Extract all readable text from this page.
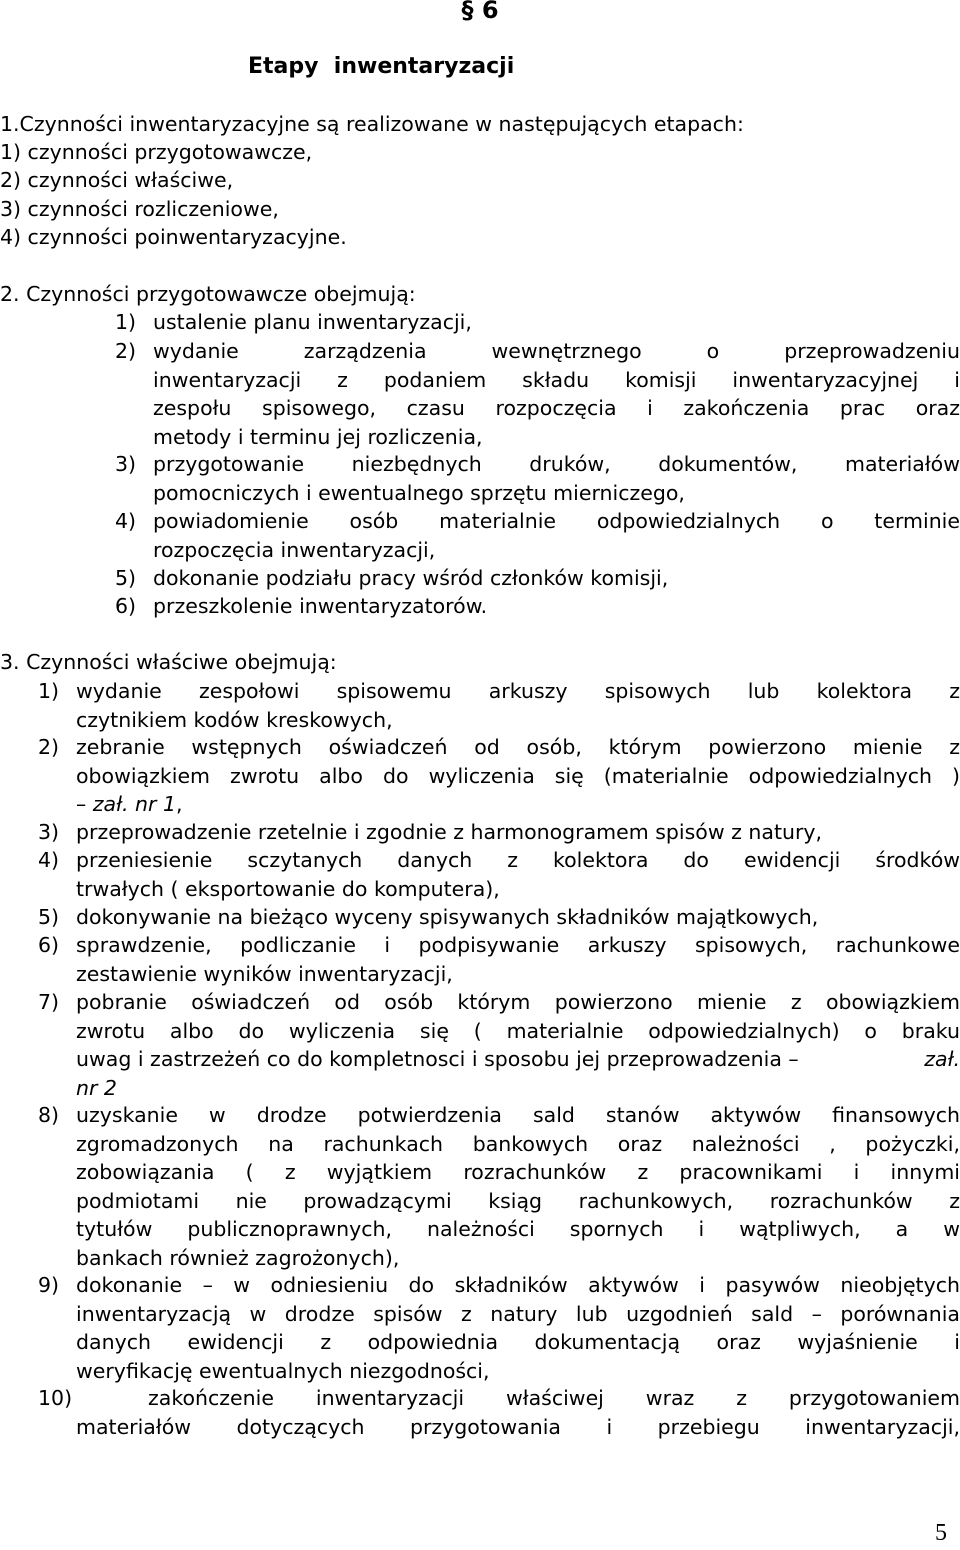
§ 6
Etapy  inwentaryzacji
1.Czynności inwentaryzacyjne są realizowane w następujących etapach:
1) czynności przygotowawcze,
2) czynności właściwe,
3) czynności rozliczeniowe,
4) czynności poinwentaryzacyjne.
2. Czynności przygotowawcze obejmują:
1) ustalenie planu inwentaryzacji,
2) wydanie zarządzenia wewnętrznego o przeprowadzeniu
inwentaryzacji z podaniem składu komisji inwentaryzacyjnej i
zespołu spisowego, czasu rozpoczęcia i zakończenia prac oraz
metody i terminu jej rozliczenia,
3) przygotowanie niezbędnych druków, dokumentów, materiałów
pomocniczych i ewentualnego sprzętu mierniczego,
4) powiadomienie osób materialnie odpowiedzialnych o terminie
rozpoczęcia inwentaryzacji,
5) dokonanie podziału pracy wśród członków komisji,
6) przeszkolenie inwentaryzatorów.
3. Czynności właściwe obejmują:
1) wydanie zespołowi spisowemu arkuszy spisowych lub kolektora z
czytnikiem kodów kreskowych,
2) zebranie wstępnych oświadczeń od osób, którym powierzono mienie z
obowiązkiem zwrotu albo do wyliczenia się (materialnie odpowiedzialnych )
– zał. nr 1,
3) przeprowadzenie rzetelnie i zgodnie z harmonogramem spisów z natury,
4) przeniesienie sczytanych danych z kolektora do ewidencji środków
trwałych ( eksportowanie do komputera),
5) dokonywanie na bieżąco wyceny spisywanych składników majątkowych,
6) sprawdzenie, podliczanie i podpisywanie arkuszy spisowych, rachunkowe
zestawienie wyników inwentaryzacji,
7) pobranie oświadczeń od osób którym powierzono mienie z obowiązkiem
zwrotu albo do wyliczenia się ( materialnie odpowiedzialnych) o braku
uwag i zastrzeżeń co do kompletnosci i sposobu jej przeprowadzenia –	zał.
nr 2
8) uzyskanie w drodze potwierdzenia sald stanów aktywów finansowych
zgromadzonych na rachunkach bankowych oraz należności , pożyczki,
zobowiązania ( z wyjątkiem rozrachunków z pracownikami i innymi
podmiotami nie prowadzącymi ksiąg rachunkowych, rozrachunków z
tytułów publicznoprawnych, należności spornych i wątpliwych, a w
bankach również zagrożonych),
9) dokonanie – w odniesieniu do składników aktywów i pasywów nieobjętych
inwentaryzacją w drodze spisów z natury lub uzgodnień sald – porównania
danych ewidencji z odpowiednia dokumentacją oraz wyjaśnienie i
weryfikację ewentualnych niezgodności,
10)	zakończenie inwentaryzacji właściwej wraz z przygotowaniem
materiałów dotyczących przygotowania i przebiegu inwentaryzacji,
5
